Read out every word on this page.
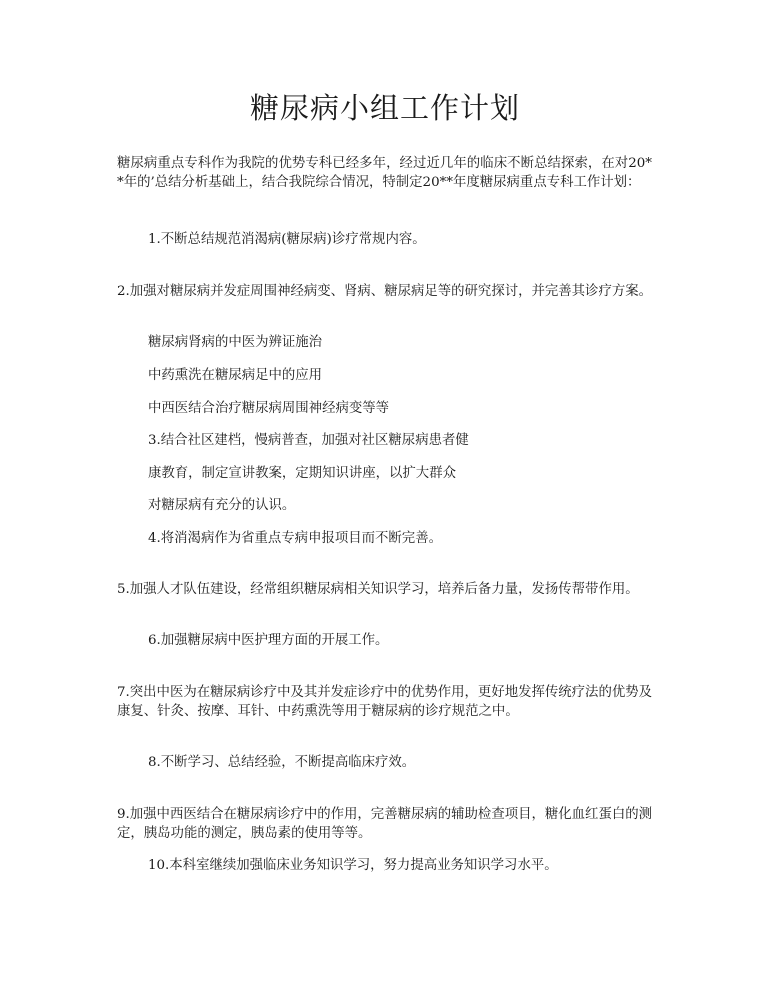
糖尿病小组工作计划

糖尿病重点专科作为我院的优势专科已经多年，经过近几年的临床不断总结探索，在对20**年的’总结分析基础上，结合我院综合情况，特制定20**年度糖尿病重点专科工作计划：

1.不断总结规范消渴病(糖尿病)诊疗常规内容。

2.加强对糖尿病并发症周围神经病变、肾病、糖尿病足等的研究探讨，并完善其诊疗方案。

糖尿病肾病的中医为辨证施治

中药熏洗在糖尿病足中的应用

中西医结合治疗糖尿病周围神经病变等等

3.结合社区建档，慢病普查，加强对社区糖尿病患者健

康教育，制定宣讲教案，定期知识讲座，以扩大群众

对糖尿病有充分的认识。

4.将消渴病作为省重点专病申报项目而不断完善。

5.加强人才队伍建设，经常组织糖尿病相关知识学习，培养后备力量，发扬传帮带作用。

6.加强糖尿病中医护理方面的开展工作。

7.突出中医为在糖尿病诊疗中及其并发症诊疗中的优势作用，更好地发挥传统疗法的优势及康复、针灸、按摩、耳针、中药熏洗等用于糖尿病的诊疗规范之中。

8.不断学习、总结经验，不断提高临床疗效。

9.加强中西医结合在糖尿病诊疗中的作用，完善糖尿病的辅助检查项目，糖化血红蛋白的测定，胰岛功能的测定，胰岛素的使用等等。

10.本科室继续加强临床业务知识学习，努力提高业务知识学习水平。
